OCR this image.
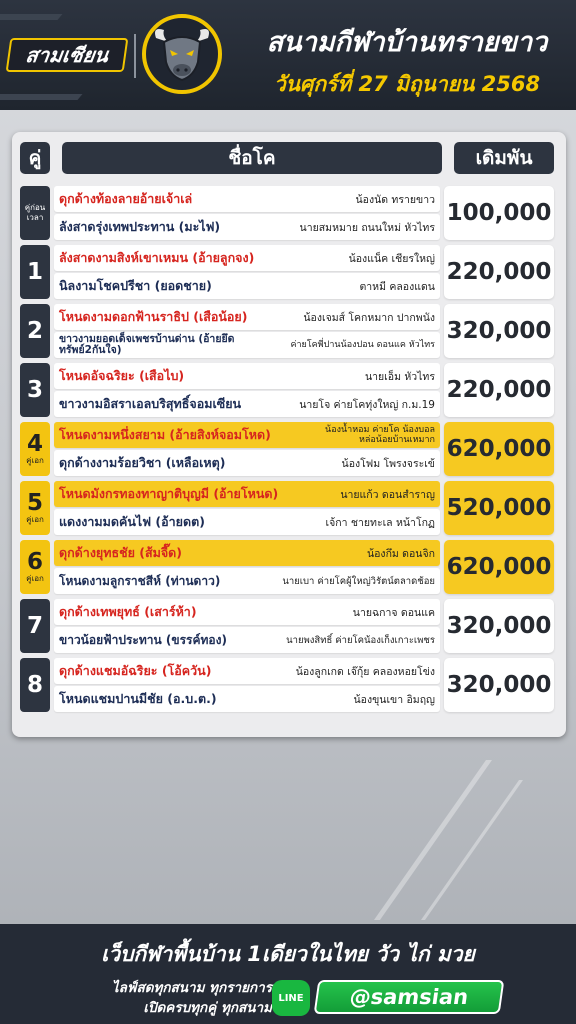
สามเซียน	สนามกีฬาบ้านทรายขาว
วันศุกร์ที่ 27 มิถุนายน 2568
คู่	ชื่อโค	เดิมพัน
คู่ก่อนเวลา
ดุกด้างท้องลายอ้ายเจ้าเล่	น้องนัด ทรายขาว
ลังสาดรุ่งเทพประทาน (มะไฟ)	นายสมหมาย ถนนใหม่ หัวไทร
100,000
1
ลังสาดงามสิงห์เขาเหมน (อ้ายลูกจง)	น้องแน็ค เชียรใหญ่
นิลงามโชคปรีชา (ยอดชาย)	ตาหมี คลองแดน
220,000
2
โหนดงามดอกฟ้านราธิป (เสือน้อย)	น้องเจมส์ โคกหมาก ปากพนัง
ขาวงามยอดเด็จเพชรบ้านด่าน (อ้ายยึดทรัพย์2กันใจ)	ค่ายโคพี่ปานน้องปอน ดอนแค หัวไทร
320,000
3
โหนดอัจฉริยะ (เสือไบ)	นายเอ็ม หัวไทร
ขาวงามอิสราเอลบริสุทธิ์จอมเซียน	นายโจ ค่ายโคทุ่งใหญ่ ก.ม.19
220,000
4
คู่เอก
โหนดงามหนึ่งสยาม (อ้ายสิงห์จอมโหด)	น้องน้ำหอม ค่ายโค น้องบอลหล่อน้อยบ้านเหมาก
ดุกด้างงามร้อยวิชา (เหลือเหตุ)	น้องโฟม โพรงจระเข้
620,000
5
คู่เอก
โหนดมังกรทองทาญาติบุญมี (อ้ายโหนด)	นายแก้ว ดอนสำราญ
แดงงามมดคันไฟ (อ้ายดต)	เจ้กา ชายทะเล หน้าโกฏ
520,000
6
คู่เอก
ดุกด้างยุทธชัย (ส้มจี๊ด)	น้องกึม ดอนจิก
โหนดงามลูกราชสีห์ (ท่านดาว)	นายเบา ค่ายโคผู้ใหญ่วิรัตน์ตลาดช้อย
620,000
7
ดุกด้างเทพยุทธ์ (เสาร์ห้า)	นายฉกาจ ดอนแค
ขาวน้อยฟ้าประทาน (ขรรค์ทอง)	นายพงสิทธิ์ ค่ายโคน้องเก็งเกาะเพชร
320,000
8
ดุกด้างแชมอัฉริยะ (โอ้ควัน)	น้องลูกเกด เจ๊กุ้ย คลองหอยโข่ง
โหนดแชมปานมีชัย (อ.บ.ต.)	น้องขุนเขา อิมฤญ
320,000
เว็บกีฬาพื้นบ้าน 1เดียวในไทย วัว ไก่ มวย
ไลฟ์สดทุกสนาม ทุกรายการ
เปิดครบทุกคู่ ทุกสนาม
LINE @samsian
